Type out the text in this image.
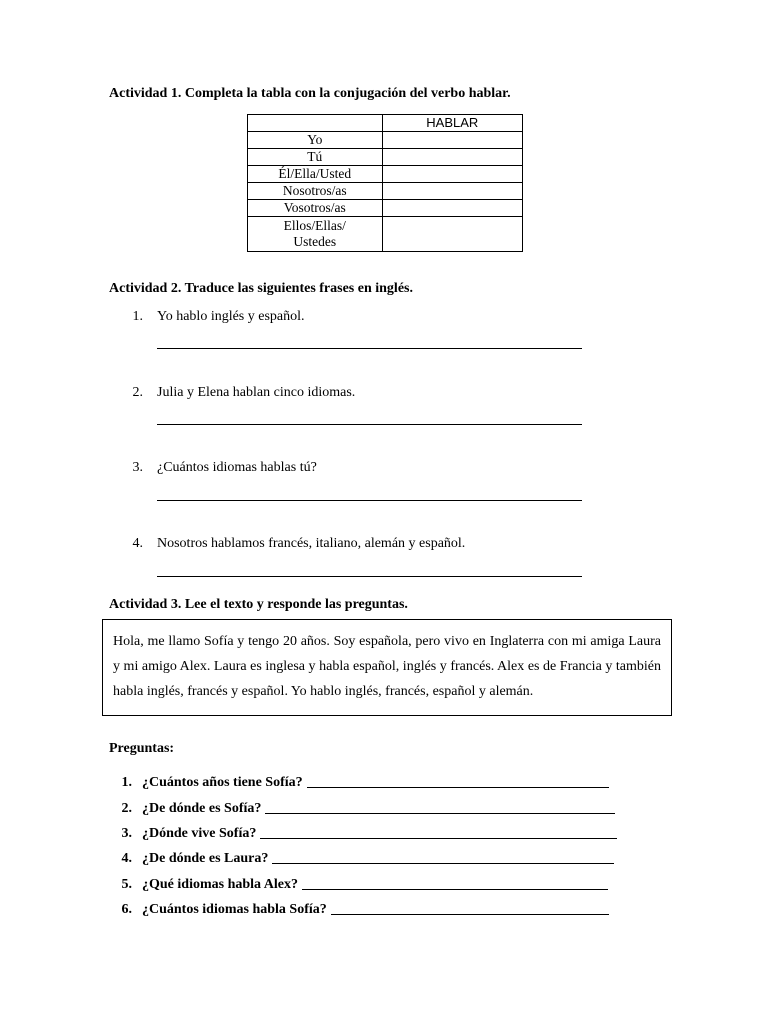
Actividad 1. Completa la tabla con la conjugación del verbo hablar.
	HABLAR
Yo	
Tú	
Él/Ella/Usted	
Nosotros/as	
Vosotros/as	

Ellos/Ellas/
Ustedes	

Actividad 2. Traduce las siguientes frases en inglés.
1. Yo hablo inglés y español.
2. Julia y Elena hablan cinco idiomas.
3. ¿Cuántos idiomas hablas tú?
4. Nosotros hablamos francés, italiano, alemán y español.
Actividad 3. Lee el texto y responde las preguntas.
Hola, me llamo Sofía y tengo 20 años. Soy española, pero vivo en Inglaterra con mi amiga Laura y mi amigo Alex. Laura es inglesa y habla español, inglés y francés. Alex es de Francia y también habla inglés, francés y español. Yo hablo inglés, francés, español y alemán.
Preguntas:
1. ¿Cuántos años tiene Sofía?
2. ¿De dónde es Sofía?
3. ¿Dónde vive Sofía?
4. ¿De dónde es Laura?
5. ¿Qué idiomas habla Alex?
6. ¿Cuántos idiomas habla Sofía?
